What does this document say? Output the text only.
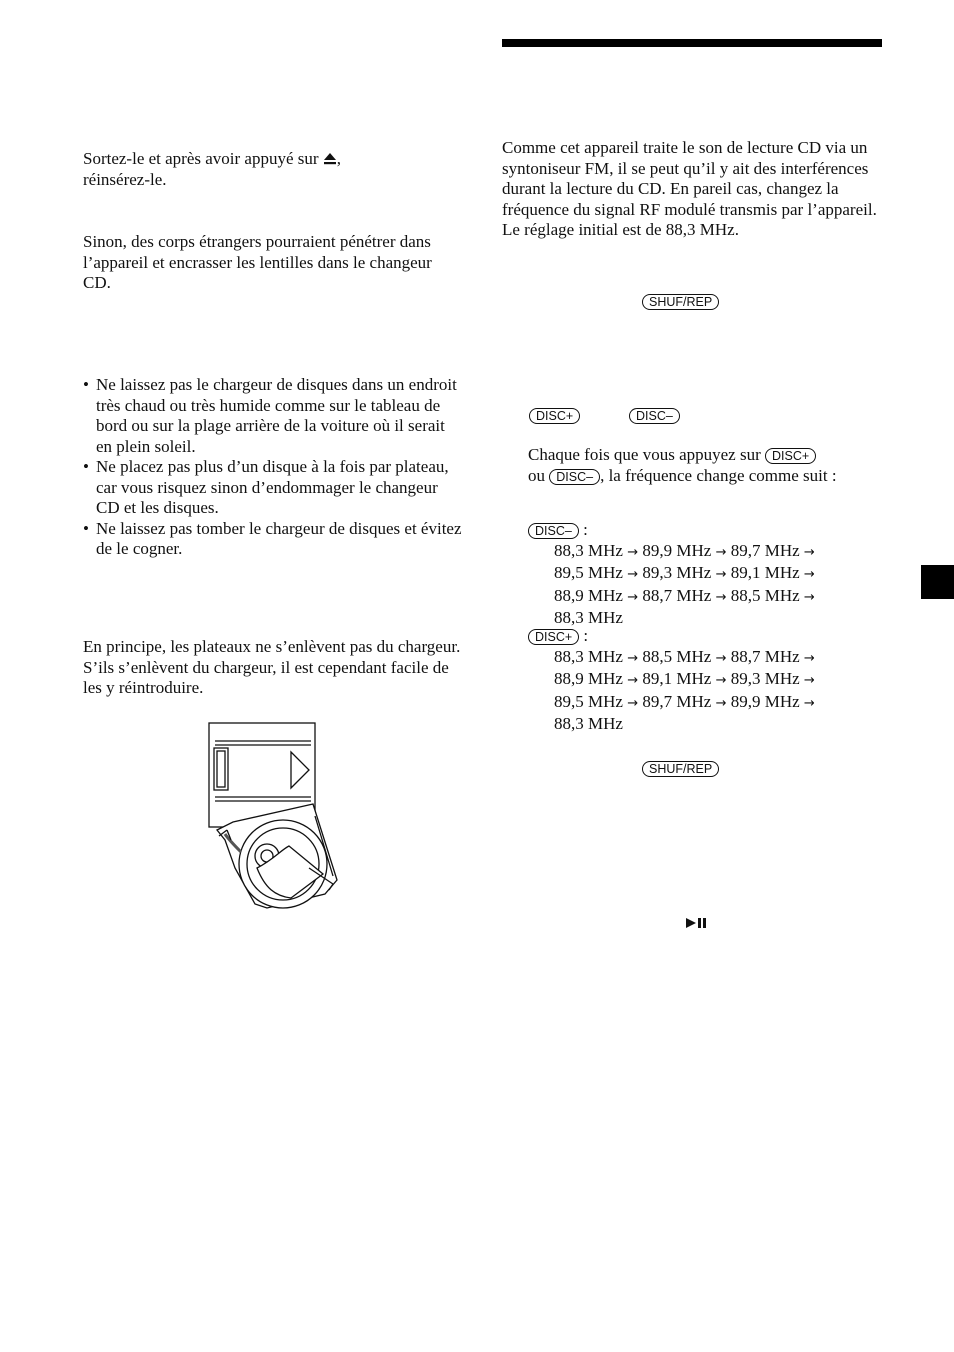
Sortez-le et après avoir appuyé sur ,
réinsérez-le.

Sinon, des corps étrangers pourraient pénétrer dans l’appareil et encrasser les lentilles dans le changeur CD.

• Ne laissez pas le chargeur de disques dans un endroit très chaud ou très humide comme sur le tableau de bord ou sur la plage arrière de la voiture où il serait en plein soleil.
• Ne placez pas plus d’un disque à la fois par plateau, car vous risquez sinon d’endommager le changeur CD et les disques.
• Ne laissez pas tomber le chargeur de disques et évitez de le cogner.

En principe, les plateaux ne s’enlèvent pas du chargeur. S’ils s’enlèvent du chargeur, il est cependant facile de les y réintroduire.

Comme cet appareil traite le son de lecture CD via un syntoniseur FM, il se peut qu’il y ait des interférences durant la lecture du CD. En pareil cas, changez la fréquence du signal RF modulé transmis par l’appareil. Le réglage initial est de 88,3 MHz.

SHUF/REP
DISC+	DISC–

Chaque fois que vous appuyez sur DISC+
ou DISC– , la fréquence change comme suit :

DISC– :
88,3 MHz → 89,9 MHz → 89,7 MHz →
89,5 MHz → 89,3 MHz → 89,1 MHz →
88,9 MHz → 88,7 MHz → 88,5 MHz →
88,3 MHz
DISC+ :
88,3 MHz → 88,5 MHz → 88,7 MHz →
88,9 MHz → 89,1 MHz → 89,3 MHz →
89,5 MHz → 89,7 MHz → 89,9 MHz →
88,3 MHz
SHUF/REP
